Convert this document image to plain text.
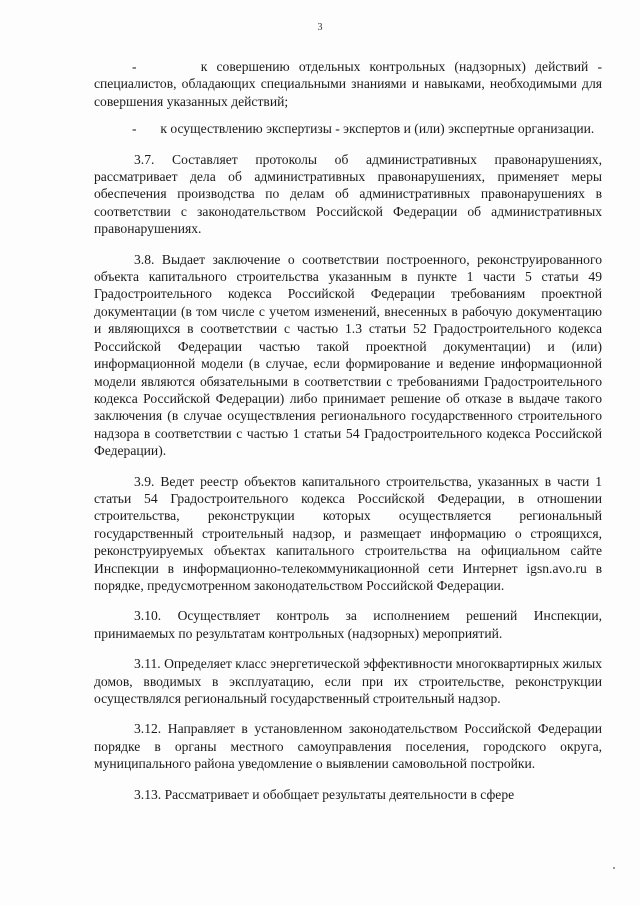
3

-       к совершению отдельных контрольных (надзорных) действий - специалистов, обладающих специальными знаниями и навыками, необходимыми для совершения указанных действий;

-       к осуществлению экспертизы - экспертов и (или) экспертные организации.

3.7. Составляет протоколы об административных правонарушениях, рассматривает дела об административных правонарушениях, применяет меры обеспечения производства по делам об административных правонарушениях в соответствии с законодательством Российской Федерации об административных правонарушениях.

3.8. Выдает заключение о соответствии построенного, реконструированного объекта капитального строительства указанным в пункте 1 части 5 статьи 49 Градостроительного кодекса Российской Федерации требованиям проектной документации (в том числе с учетом изменений, внесенных в рабочую документацию и являющихся в соответствии с частью 1.3 статьи 52 Градостроительного кодекса Российской Федерации частью такой проектной документации) и (или) информационной модели (в случае, если формирование и ведение информационной модели являются обязательными в соответствии с требованиями Градостроительного кодекса Российской Федерации) либо принимает решение об отказе в выдаче такого заключения (в случае осуществления регионального государственного строительного надзора в соответствии с частью 1 статьи 54 Градостроительного кодекса Российской Федерации).

3.9. Ведет реестр объектов капитального строительства, указанных в части 1 статьи 54 Градостроительного кодекса Российской Федерации, в отношении строительства, реконструкции которых осуществляется региональный государственный строительный надзор, и размещает информацию о строящихся, реконструируемых объектах капитального строительства на официальном сайте Инспекции в информационно-телекоммуникационной сети Интернет igsn.avo.ru в порядке, предусмотренном законодательством Российской Федерации.

3.10. Осуществляет контроль за исполнением решений Инспекции, принимаемых по результатам контрольных (надзорных) мероприятий.

3.11. Определяет класс энергетической эффективности многоквартирных жилых домов, вводимых в эксплуатацию, если при их строительстве, реконструкции осуществлялся региональный государственный строительный надзор.

3.12. Направляет в установленном законодательством Российской Федерации порядке в органы местного самоуправления поселения, городского округа, муниципального района уведомление о выявлении самовольной постройки.

3.13. Рассматривает и обобщает результаты деятельности в сфере
